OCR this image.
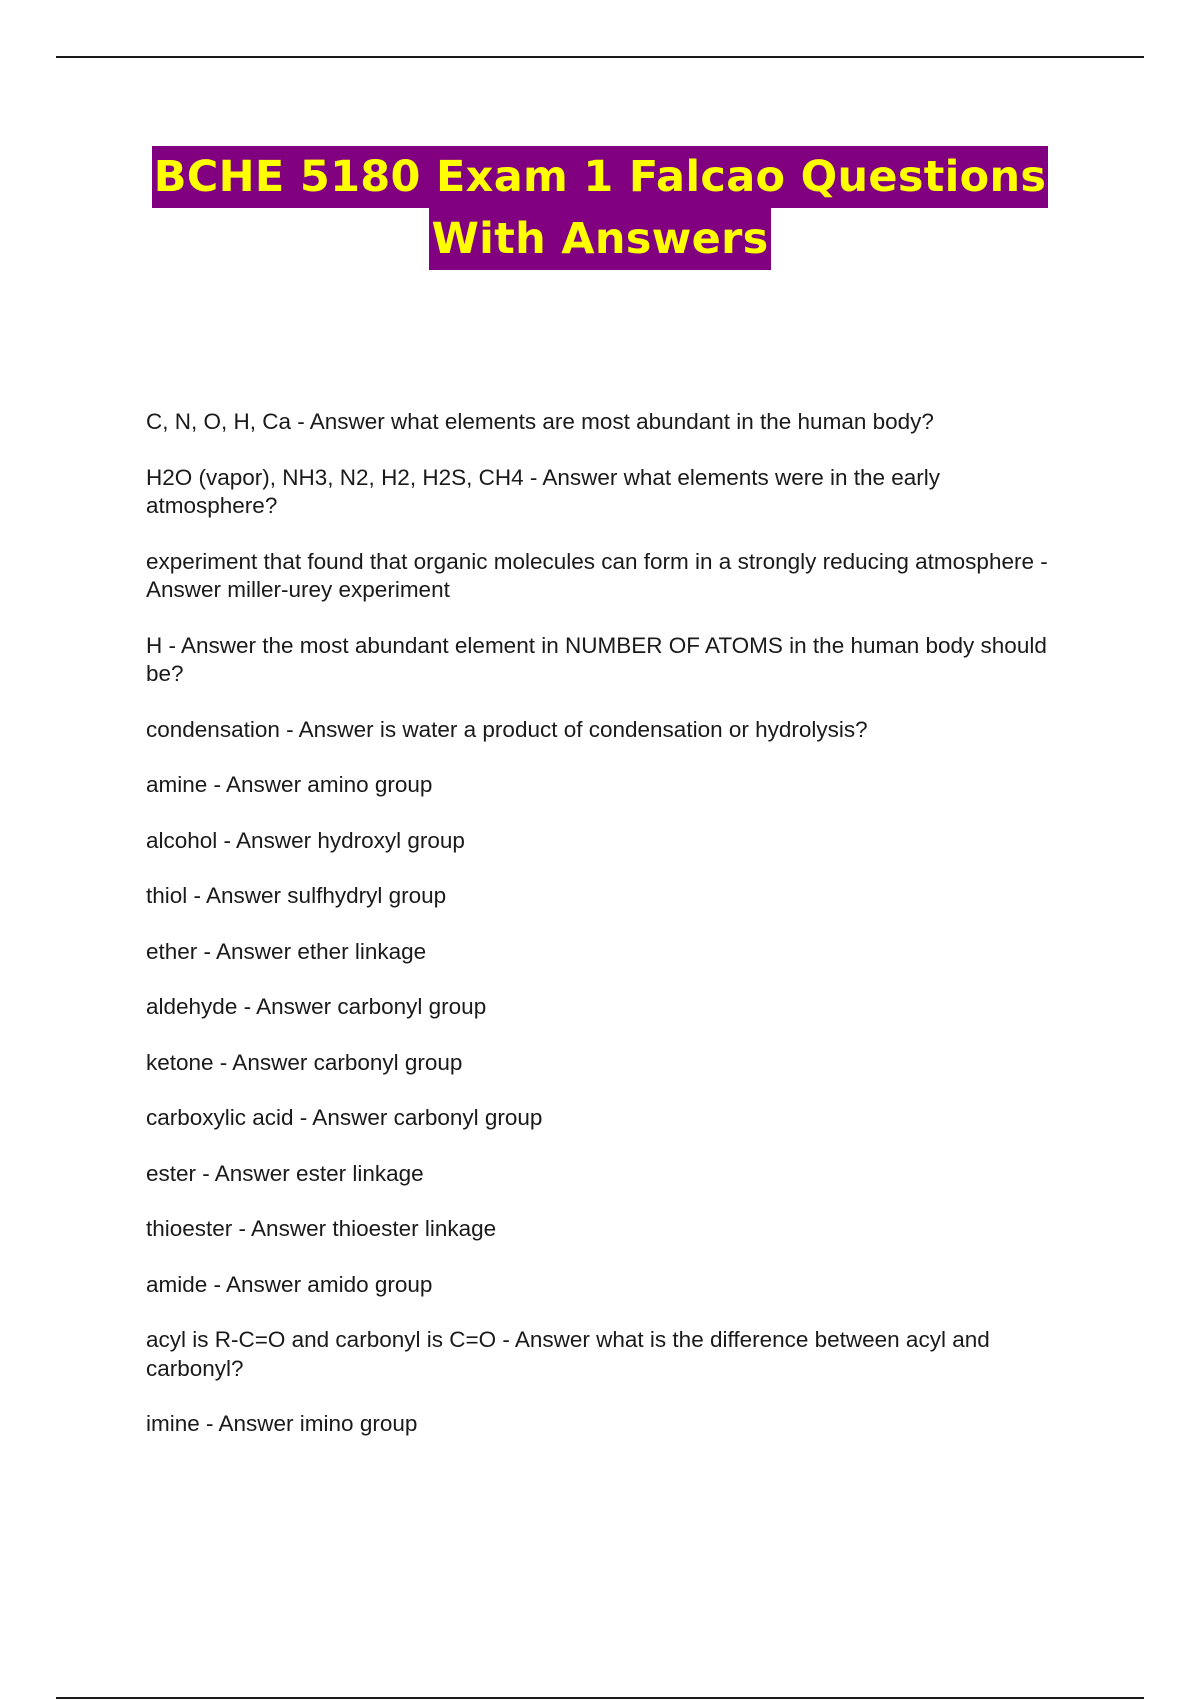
BCHE 5180 Exam 1 Falcao Questions
With Answers
C, N, O, H, Ca - Answer what elements are most abundant in the human body?
H2O (vapor), NH3, N2, H2, H2S, CH4 - Answer what elements were in the early atmosphere?
experiment that found that organic molecules can form in a strongly reducing atmosphere - Answer miller-urey experiment
H - Answer the most abundant element in NUMBER OF ATOMS in the human body should be?
condensation - Answer is water a product of condensation or hydrolysis?
amine - Answer amino group
alcohol - Answer hydroxyl group
thiol - Answer sulfhydryl group
ether - Answer ether linkage
aldehyde - Answer carbonyl group
ketone - Answer carbonyl group
carboxylic acid - Answer carbonyl group
ester - Answer ester linkage
thioester - Answer thioester linkage
amide - Answer amido group
acyl is R-C=O and carbonyl is C=O - Answer what is the difference between acyl and carbonyl?
imine - Answer imino group
